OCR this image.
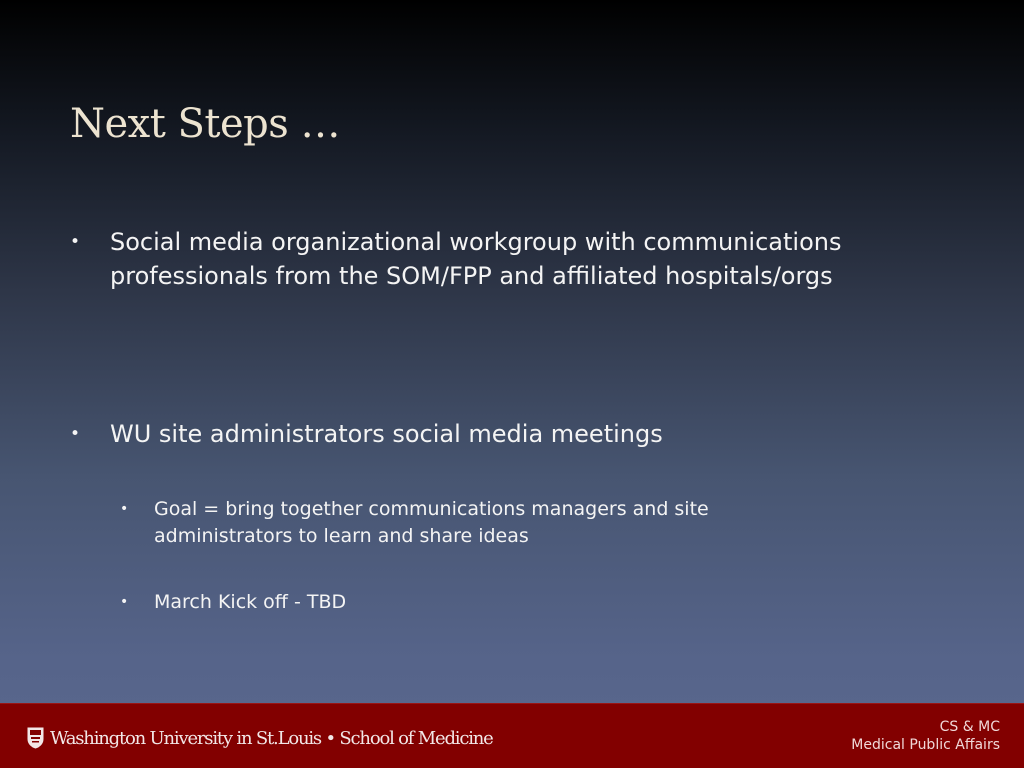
Next Steps …
• Social media organizational workgroup with communications professionals from the SOM/FPP and affiliated hospitals/orgs
• WU site administrators social media meetings
• Goal = bring together communications managers and site administrators to learn and share ideas
• March Kick off - TBD
Washington University in St.Louis • School of Medicine
CS & MC
Medical Public Affairs
